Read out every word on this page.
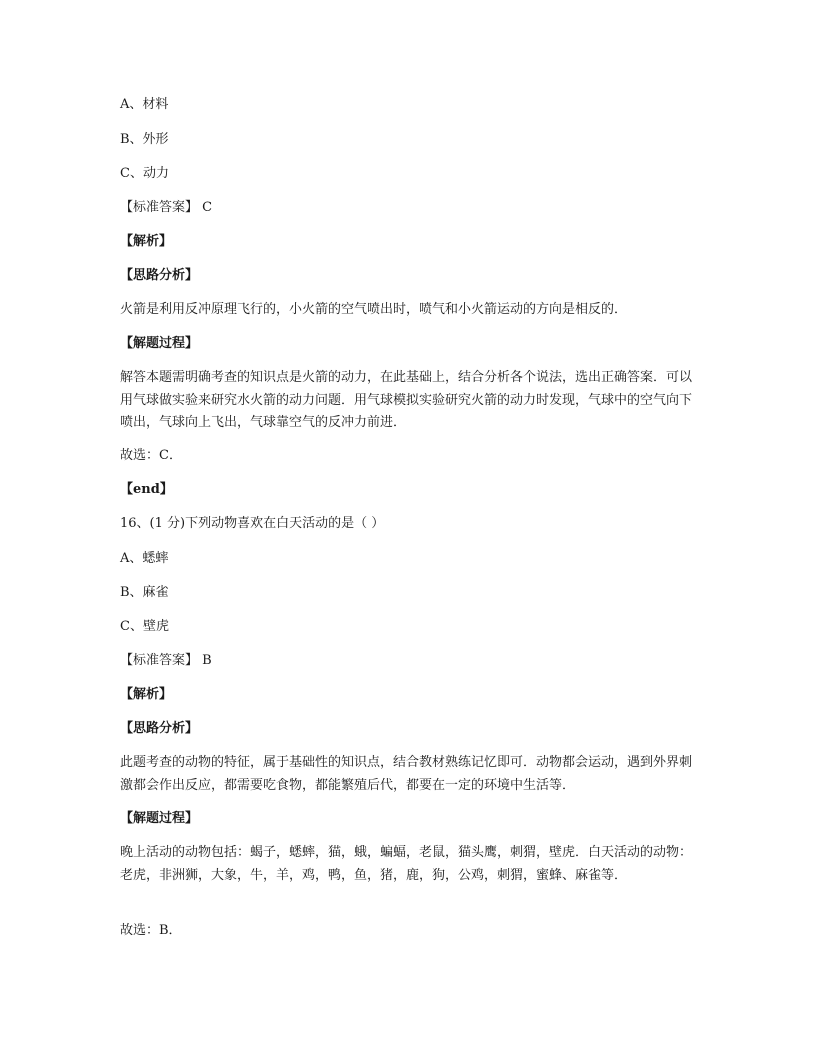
A、材料
B、外形
C、动力
【标准答案】 C
【解析】
【思路分析】
火箭是利用反冲原理飞行的，小火箭的空气喷出时，喷气和小火箭运动的方向是相反的．
【解题过程】
解答本题需明确考查的知识点是火箭的动力，在此基础上，结合分析各个说法，选出正确答案．可以用气球做实验来研究水火箭的动力问题．用气球模拟实验研究火箭的动力时发现，气球中的空气向下喷出，气球向上飞出，气球靠空气的反冲力前进．
故选：C．
【end】
16、(1 分)下列动物喜欢在白天活动的是（ ）
A、蟋蟀
B、麻雀
C、壁虎
【标准答案】 B
【解析】
【思路分析】
此题考查的动物的特征，属于基础性的知识点，结合教材熟练记忆即可．动物都会运动，遇到外界刺激都会作出反应，都需要吃食物，都能繁殖后代，都要在一定的环境中生活等．
【解题过程】
晚上活动的动物包括：蝎子，蟋蟀，猫，蛾，蝙蝠，老鼠，猫头鹰，刺猬，壁虎．白天活动的动物：老虎，非洲狮，大象，牛，羊，鸡，鸭，鱼，猪，鹿，狗，公鸡，刺猬，蜜蜂、麻雀等．
故选：B．
